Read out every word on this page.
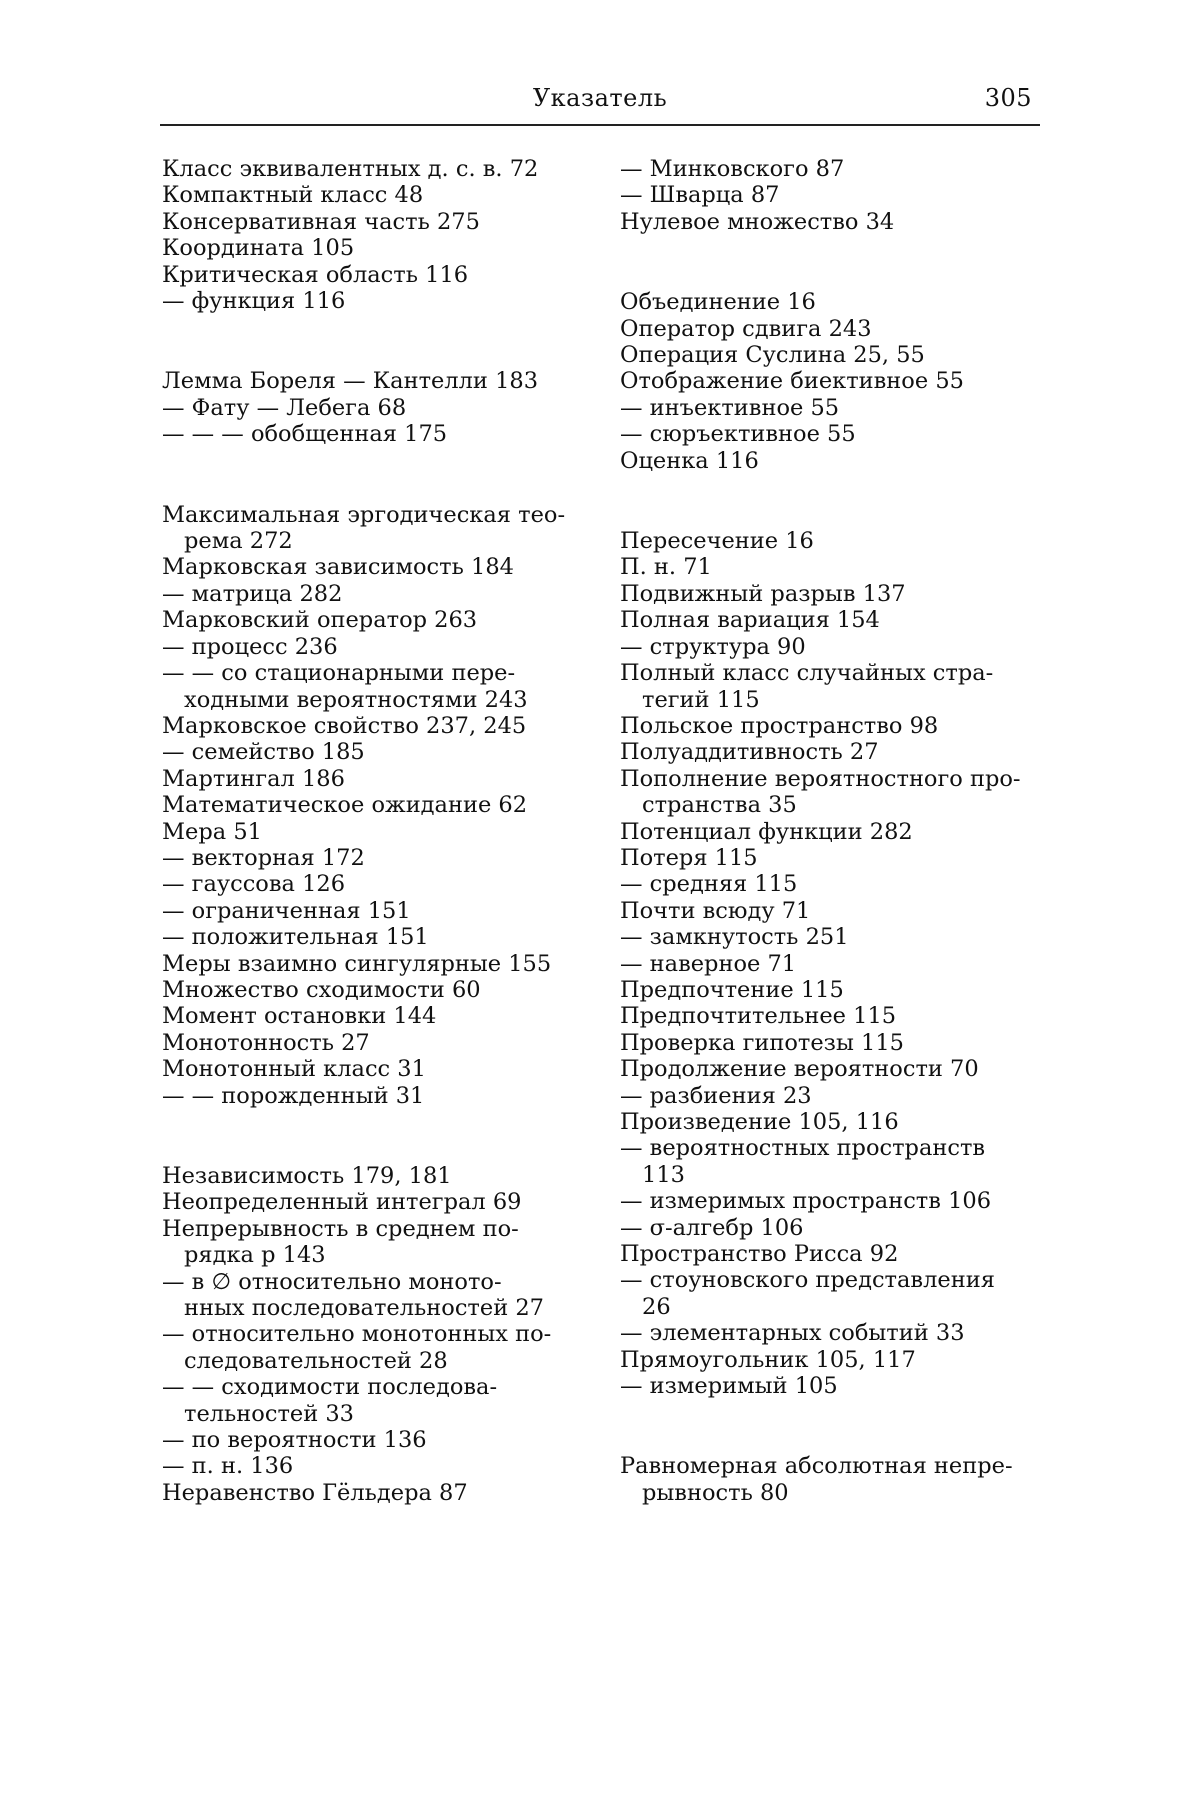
Указатель	305
Класс эквивалентных д. с. в. 72
Компактный класс 48
Консервативная часть 275
Координата 105
Критическая область 116
— функция 116
Лемма Бореля — Кантелли 183
— Фату — Лебега 68
— — — обобщенная 175
Максимальная эргодическая тео-
рема 272
Марковская зависимость 184
— матрица 282
Марковский оператор 263
— процесс 236
— — со стационарными пере-
ходными вероятностями 243
Марковское свойство 237, 245
— семейство 185
Мартингал 186
Математическое ожидание 62
Мера 51
— векторная 172
— гауссова 126
— ограниченная 151
— положительная 151
Меры взаимно сингулярные 155
Множество сходимости 60
Момент остановки 144
Монотонность 27
Монотонный класс 31
— — порожденный 31
Независимость 179, 181
Неопределенный интеграл 69
Непрерывность в среднем по-
рядка p 143
— в ∅ относительно моното-
нных последовательностей 27
— относительно монотонных по-
следовательностей 28
— — сходимости последова-
тельностей 33
— по вероятности 136
— п. н. 136
Неравенство Гёльдера 87
— Минковского 87
— Шварца 87
Нулевое множество 34
Объединение 16
Оператор сдвига 243
Операция Суслина 25, 55
Отображение биективное 55
— инъективное 55
— сюръективное 55
Оценка 116
Пересечение 16
П. н. 71
Подвижный разрыв 137
Полная вариация 154
— структура 90
Полный класс случайных стра-
тегий 115
Польское пространство 98
Полуаддитивность 27
Пополнение вероятностного про-
странства 35
Потенциал функции 282
Потеря 115
— средняя 115
Почти всюду 71
— замкнутость 251
— наверное 71
Предпочтение 115
Предпочтительнее 115
Проверка гипотезы 115
Продолжение вероятности 70
— разбиения 23
Произведение 105, 116
— вероятностных пространств
113
— измеримых пространств 106
— σ-алгебр 106
Пространство Рисса 92
— стоуновского представления
26
— элементарных событий 33
Прямоугольник 105, 117
— измеримый 105
Равномерная абсолютная непре-
рывность 80
